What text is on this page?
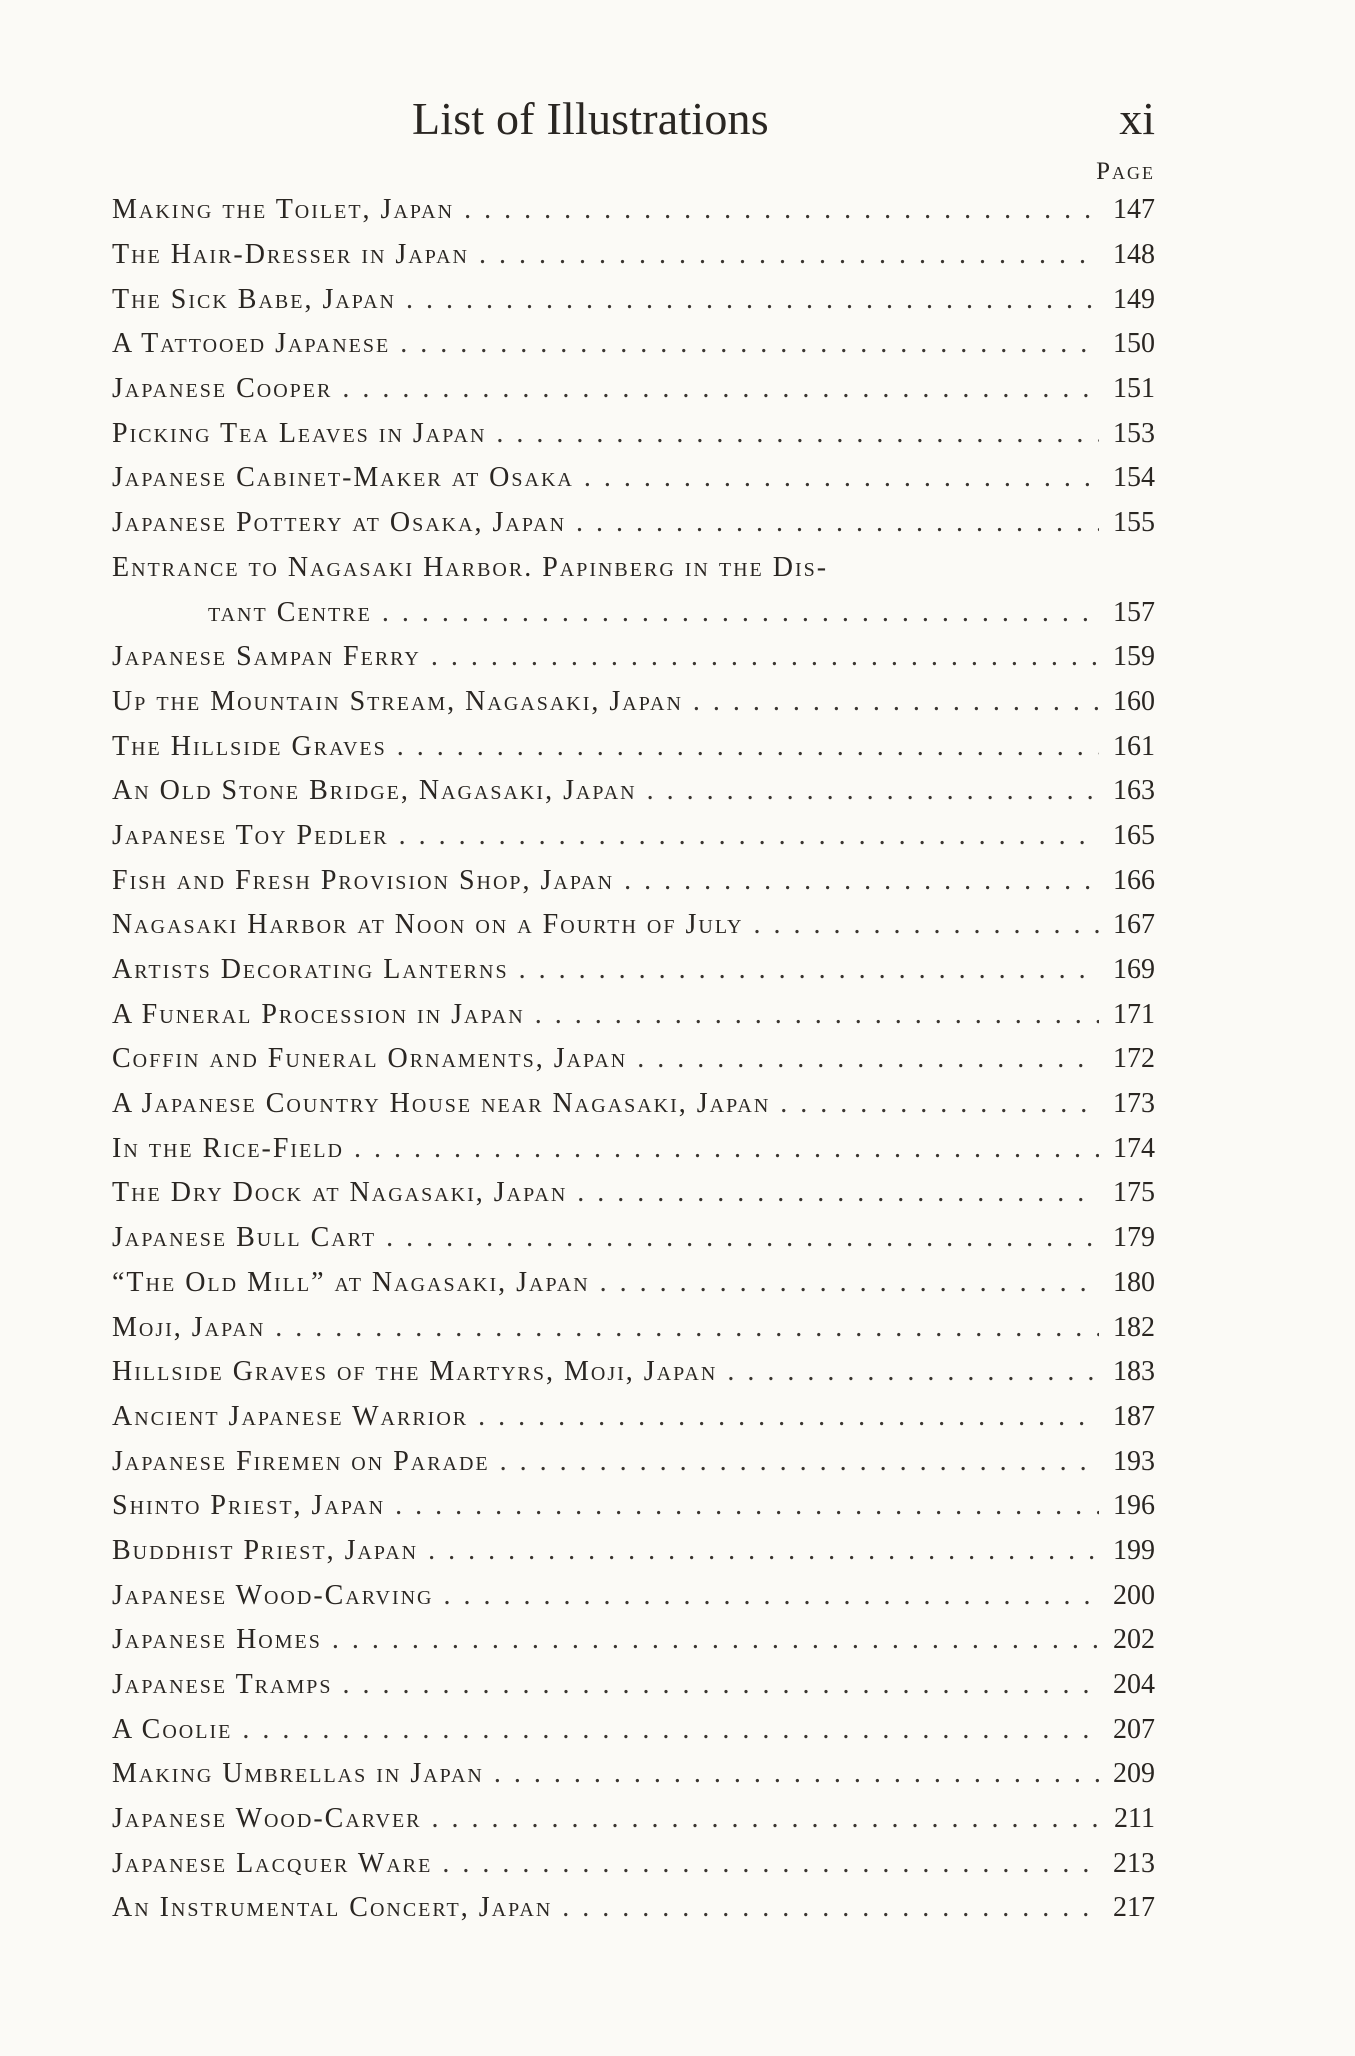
List of Illustrations	xi
Page
Making the Toilet, Japan . . .	147
The Hair-Dresser in Japan . . .	148
The Sick Babe, Japan . . .	149
A Tattooed Japanese . . .	150
Japanese Cooper . . .	151
Picking Tea Leaves in Japan . . .	153
Japanese Cabinet-Maker at Osaka . . .	154
Japanese Pottery at Osaka, Japan . . .	155
Entrance to Nagasaki Harbor. Papinberg in the Dis-
tant Centre . . .	157
Japanese Sampan Ferry . . .	159
Up the Mountain Stream, Nagasaki, Japan . . .	160
The Hillside Graves . . .	161
An Old Stone Bridge, Nagasaki, Japan . . .	163
Japanese Toy Pedler . . .	165
Fish and Fresh Provision Shop, Japan . . .	166
Nagasaki Harbor at Noon on a Fourth of July . . .	167
Artists Decorating Lanterns . . .	169
A Funeral Procession in Japan . . .	171
Coffin and Funeral Ornaments, Japan . . .	172
A Japanese Country House near Nagasaki, Japan . . .	173
In the Rice-Field . . .	174
The Dry Dock at Nagasaki, Japan . . .	175
Japanese Bull Cart . . .	179
“The Old Mill” at Nagasaki, Japan . . .	180
Moji, Japan . . .	182
Hillside Graves of the Martyrs, Moji, Japan . . .	183
Ancient Japanese Warrior . . .	187
Japanese Firemen on Parade . . .	193
Shinto Priest, Japan . . .	196
Buddhist Priest, Japan . . .	199
Japanese Wood-Carving . . .	200
Japanese Homes . . .	202
Japanese Tramps . . .	204
A Coolie . . .	207
Making Umbrellas in Japan . . .	209
Japanese Wood-Carver . . .	211
Japanese Lacquer Ware . . .	213
An Instrumental Concert, Japan . . .	217
